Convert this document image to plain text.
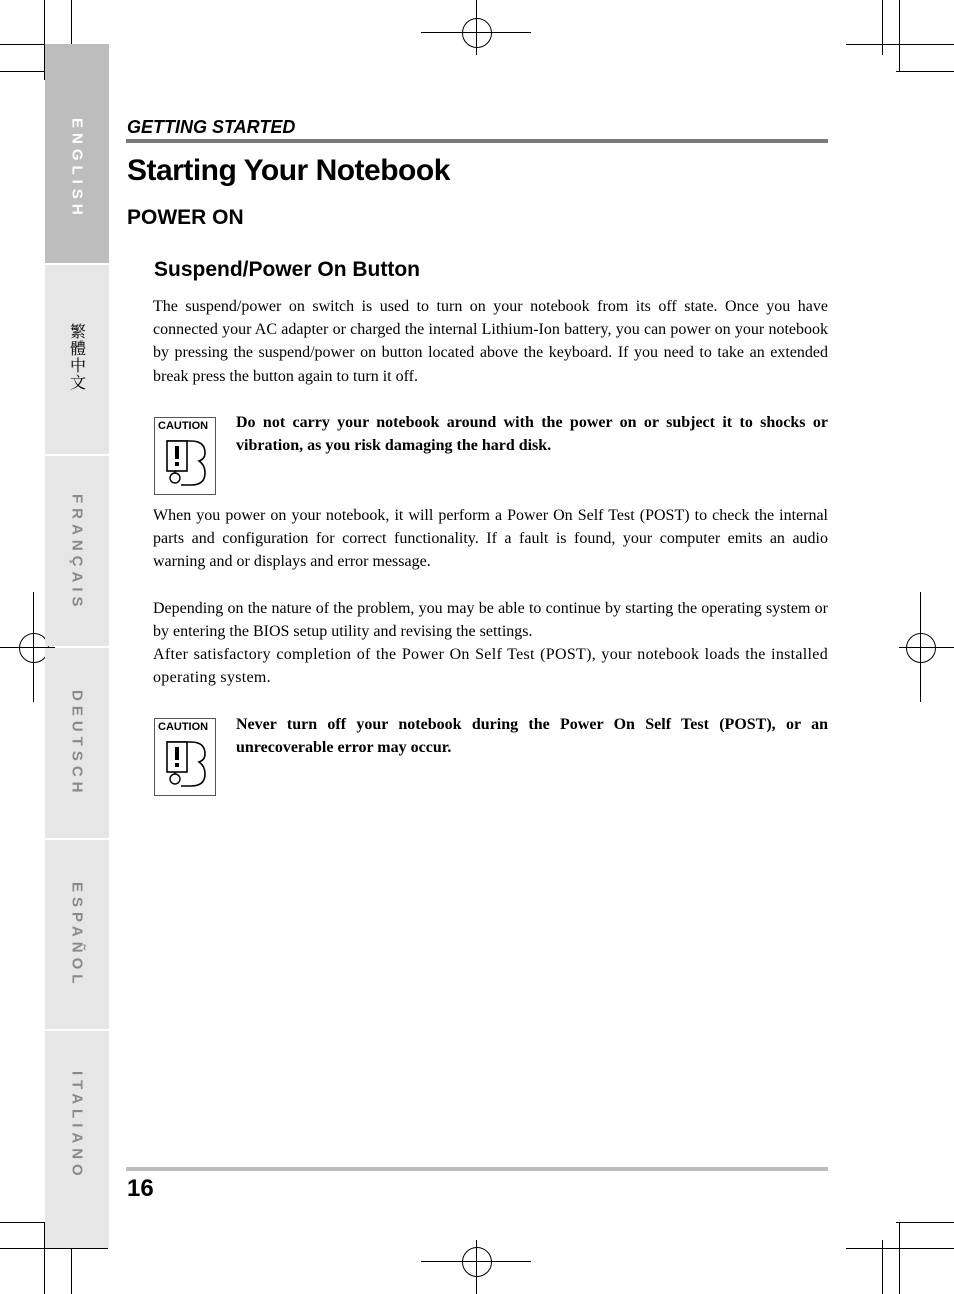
ENGLISH
繁體中文
FRANÇAIS
DEUTSCH
ESPAÑOL
ITALIANO
GETTING STARTED
Starting Your Notebook
POWER ON
Suspend/Power On Button
The suspend/power on switch is used to turn on your notebook from its off state. Once you have connected your AC adapter or charged the internal Lithium-Ion battery, you can power on your notebook by pressing the suspend/power on button located above the keyboard. If you need to take an extended break press the button again to turn it off.
CAUTION Do not carry your notebook around with the power on or subject it to shocks or vibration, as you risk damaging the hard disk.
When you power on your notebook, it will perform a Power On Self Test (POST) to check the internal parts and configuration for correct functionality. If a fault is found, your computer emits an audio warning and or displays and error message.
Depending on the nature of the problem, you may be able to continue by starting the operating system or by entering the BIOS setup utility and revising the settings.
After satisfactory completion of the Power On Self Test (POST), your notebook loads the installed operating system.
CAUTION Never turn off your notebook during the Power On Self Test (POST), or an unrecoverable error may occur.
16
